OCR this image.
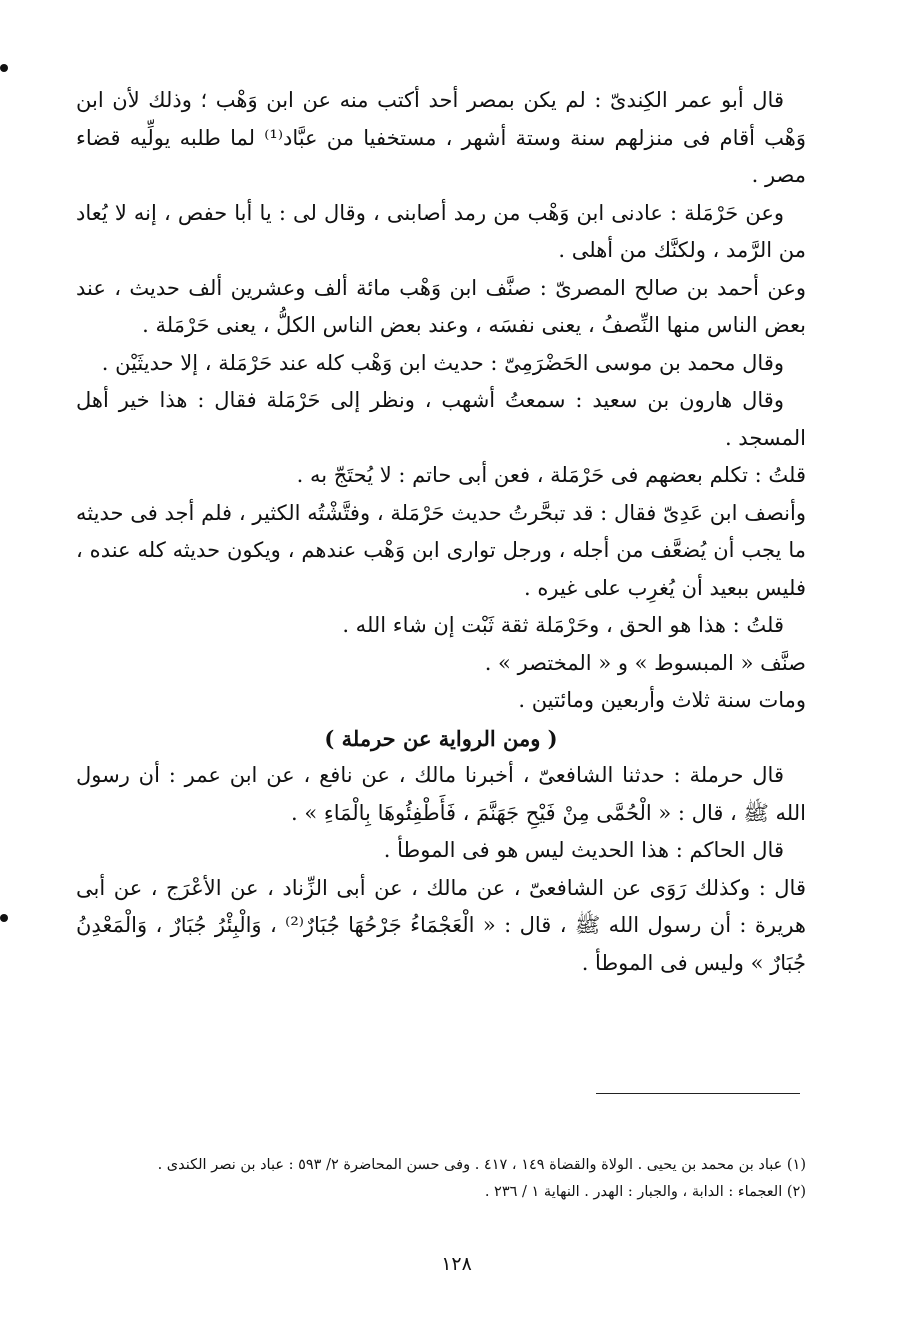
قال أبو عمر الكِندىّ : لم يكن بمصر أحد أكتب منه عن ابن وَهْب ؛ وذلك لأن ابن وَهْب أقام فى منزلهم سنة وستة أشهر ، مستخفيا من عبَّاد⁽¹⁾ لما طلبه يولِّيه قضاء مصر .

وعن حَرْمَلة : عادنى ابن وَهْب من رمد أصابنى ، وقال لى : يا أبا حفص ، إنه لا يُعاد من الرَّمد ، ولكنَّك من أهلى .

وعن أحمد بن صالح المصرىّ : صنَّف ابن وَهْب مائة ألف وعشرين ألف حديث ، عند بعض الناس منها النِّصفُ ، يعنى نفسَه ، وعند بعض الناس الكلُّ ، يعنى حَرْمَلة .

وقال محمد بن موسى الحَضْرَمِىّ : حديث ابن وَهْب كله عند حَرْمَلة ، إلا حديثَيْن .

وقال هارون بن سعيد : سمعتُ أشهب ، ونظر إلى حَرْمَلة فقال : هذا خير أهل المسجد .

قلتُ : تكلم بعضهم فى حَرْمَلة ، فعن أبى حاتم : لا يُحتَجّ به .

وأنصف ابن عَدِىّ فقال : قد تبحَّرتُ حديث حَرْمَلة ، وفتَّشْتُه الكثير ، فلم أجد فى حديثه ما يجب أن يُضعَّف من أجله ، ورجل توارى ابن وَهْب عندهم ، ويكون حديثه كله عنده ، فليس ببعيد أن يُغرِب على غيره .

قلتُ : هذا هو الحق ، وحَرْمَلة ثقة ثَبْت إن شاء الله .

صنَّف « المبسوط » و « المختصر » .

ومات سنة ثلاث وأربعين ومائتين .

( ومن الرواية عن حرملة )

قال حرملة : حدثنا الشافعىّ ، أخبرنا مالك ، عن نافع ، عن ابن عمر : أن رسول الله ﷺ ، قال : « الْحُمَّى مِنْ فَيْحِ جَهَنَّمَ ، فَأَطْفِئُوهَا بِالْمَاءِ » .

قال الحاكم : هذا الحديث ليس هو فى الموطأ .

قال : وكذلك رَوَى عن الشافعىّ ، عن مالك ، عن أبى الزِّناد ، عن الأعْرَج ، عن أبى هريرة : أن رسول الله ﷺ ، قال : « الْعَجْمَاءُ جَرْحُهَا جُبَارٌ⁽²⁾ ، وَالْبِئْرُ جُبَارٌ ، وَالْمَعْدِنُ جُبَارٌ » وليس فى الموطأ .

(١) عباد بن محمد بن يحيى . الولاة والقضاة ١٤٩ ، ٤١٧ . وفى حسن المحاضرة ٢/ ٥٩٣ : عباد بن نصر الكندى .

(٢) العجماء : الدابة ، والجبار : الهدر . النهاية ١ / ٢٣٦ .

١٢٨
